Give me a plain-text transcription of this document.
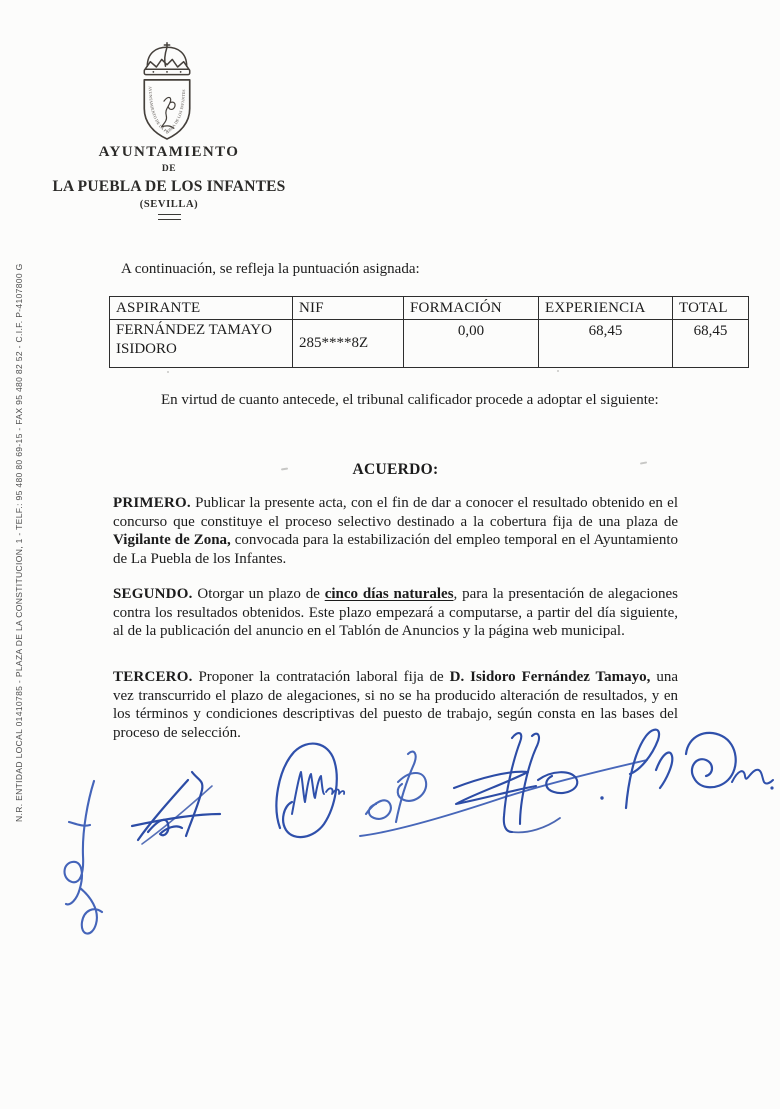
N.R. ENTIDAD LOCAL 01410785 - PLAZA DE LA CONSTITUCION, 1 - TELF.: 95 480 80 69-15 - FAX 95 480 82 52 - C.I.F. P-4107800 G
AYUNTAMIENTO DE LA PUEBLA DE LOS INFANTES
AYUNTAMIENTO
DE
LA PUEBLA DE LOS INFANTES
(SEVILLA)
A continuación, se refleja la puntuación asignada:
ASPIRANTE	NIF	FORMACIÓN	EXPERIENCIA	TOTAL
FERNÁNDEZ TAMAYO ISIDORO	285****8Z	0,00	68,45	68,45
En virtud de cuanto antecede, el tribunal calificador procede a adoptar el siguiente:
ACUERDO:
PRIMERO. Publicar la presente acta, con el fin de dar a conocer el resultado obtenido en el concurso que constituye el proceso selectivo destinado a la cobertura fija de una plaza de Vigilante de Zona, convocada para la estabilización del empleo temporal en el Ayuntamiento de La Puebla de los Infantes.
SEGUNDO. Otorgar un plazo de cinco días naturales, para la presentación de alegaciones contra los resultados obtenidos. Este plazo empezará a computarse, a partir del día siguiente, al de la publicación del anuncio en el Tablón de Anuncios y la página web municipal.
TERCERO. Proponer la contratación laboral fija de D. Isidoro Fernández Tamayo, una vez transcurrido el plazo de alegaciones, si no se ha producido alteración de resultados, y en los términos y condiciones descriptivas del puesto de trabajo, según consta en las bases del proceso de selección.
